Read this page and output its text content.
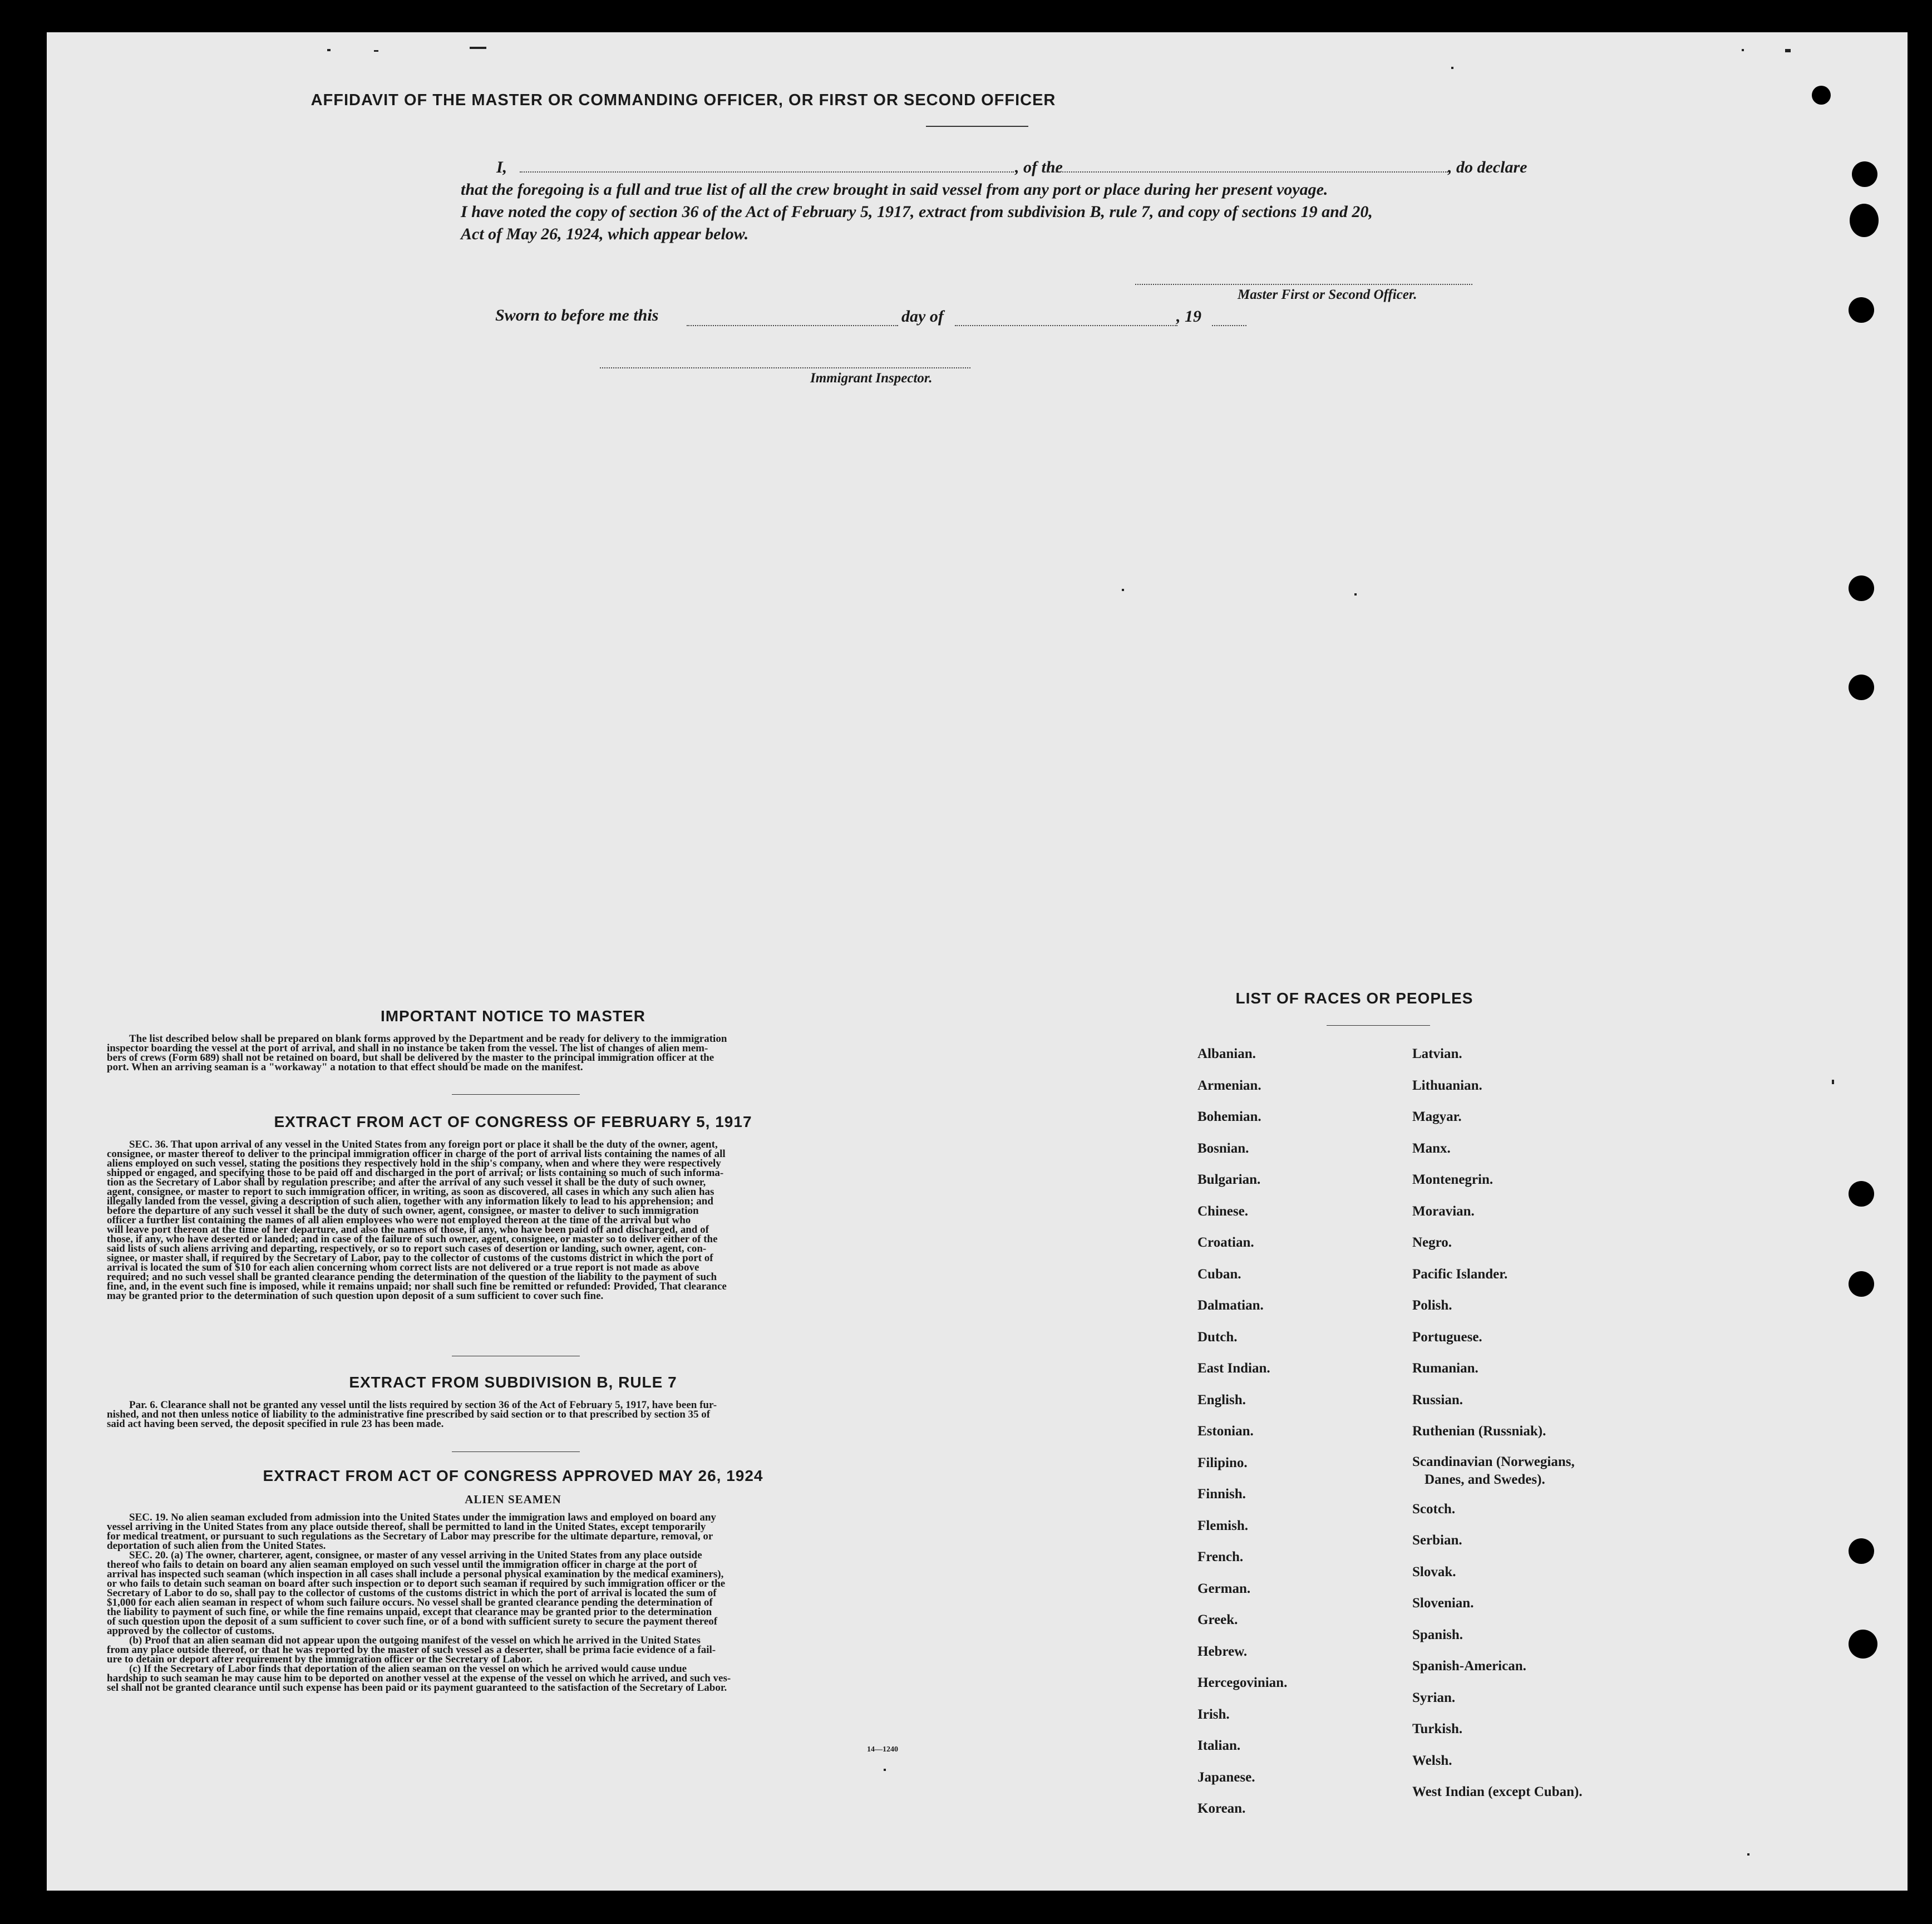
AFFIDAVIT OF THE MASTER OR COMMANDING OFFICER, OR FIRST OR SECOND OFFICER
I,	, of the	, do declare
that the foregoing is a full and true list of all the crew brought in said vessel from any port or place during her present voyage.
I have noted the copy of section 36 of the Act of February 5, 1917, extract from subdivision B, rule 7, and copy of sections 19 and 20,
Act of May 26, 1924, which appear below.
Master First or Second Officer.
Sworn to before me this	day of	, 19
Immigrant Inspector.
IMPORTANT NOTICE TO MASTER
The list described below shall be prepared on blank forms approved by the Department and be ready for delivery to the immigration
inspector boarding the vessel at the port of arrival, and shall in no instance be taken from the vessel. The list of changes of alien mem-
bers of crews (Form 689) shall not be retained on board, but shall be delivered by the master to the principal immigration officer at the
port. When an arriving seaman is a "workaway" a notation to that effect should be made on the manifest.
EXTRACT FROM ACT OF CONGRESS OF FEBRUARY 5, 1917
SEC. 36. That upon arrival of any vessel in the United States from any foreign port or place it shall be the duty of the owner, agent,
consignee, or master thereof to deliver to the principal immigration officer in charge of the port of arrival lists containing the names of all
aliens employed on such vessel, stating the positions they respectively hold in the ship's company, when and where they were respectively
shipped or engaged, and specifying those to be paid off and discharged in the port of arrival; or lists containing so much of such informa-
tion as the Secretary of Labor shall by regulation prescribe; and after the arrival of any such vessel it shall be the duty of such owner,
agent, consignee, or master to report to such immigration officer, in writing, as soon as discovered, all cases in which any such alien has
illegally landed from the vessel, giving a description of such alien, together with any information likely to lead to his apprehension; and
before the departure of any such vessel it shall be the duty of such owner, agent, consignee, or master to deliver to such immigration
officer a further list containing the names of all alien employees who were not employed thereon at the time of the arrival but who
will leave port thereon at the time of her departure, and also the names of those, if any, who have been paid off and discharged, and of
those, if any, who have deserted or landed; and in case of the failure of such owner, agent, consignee, or master so to deliver either of the
said lists of such aliens arriving and departing, respectively, or so to report such cases of desertion or landing, such owner, agent, con-
signee, or master shall, if required by the Secretary of Labor, pay to the collector of customs of the customs district in which the port of
arrival is located the sum of $10 for each alien concerning whom correct lists are not delivered or a true report is not made as above
required; and no such vessel shall be granted clearance pending the determination of the question of the liability to the payment of such
fine, and, in the event such fine is imposed, while it remains unpaid; nor shall such fine be remitted or refunded: Provided, That clearance
may be granted prior to the determination of such question upon deposit of a sum sufficient to cover such fine.
EXTRACT FROM SUBDIVISION B, RULE 7
Par. 6. Clearance shall not be granted any vessel until the lists required by section 36 of the Act of February 5, 1917, have been fur-
nished, and not then unless notice of liability to the administrative fine prescribed by said section or to that prescribed by section 35 of
said act having been served, the deposit specified in rule 23 has been made.
EXTRACT FROM ACT OF CONGRESS APPROVED MAY 26, 1924
ALIEN SEAMEN
SEC. 19. No alien seaman excluded from admission into the United States under the immigration laws and employed on board any
vessel arriving in the United States from any place outside thereof, shall be permitted to land in the United States, except temporarily
for medical treatment, or pursuant to such regulations as the Secretary of Labor may prescribe for the ultimate departure, removal, or
deportation of such alien from the United States.
SEC. 20. (a) The owner, charterer, agent, consignee, or master of any vessel arriving in the United States from any place outside
thereof who fails to detain on board any alien seaman employed on such vessel until the immigration officer in charge at the port of
arrival has inspected such seaman (which inspection in all cases shall include a personal physical examination by the medical examiners),
or who fails to detain such seaman on board after such inspection or to deport such seaman if required by such immigration officer or the
Secretary of Labor to do so, shall pay to the collector of customs of the customs district in which the port of arrival is located the sum of
$1,000 for each alien seaman in respect of whom such failure occurs. No vessel shall be granted clearance pending the determination of
the liability to payment of such fine, or while the fine remains unpaid, except that clearance may be granted prior to the determination
of such question upon the deposit of a sum sufficient to cover such fine, or of a bond with sufficient surety to secure the payment thereof
approved by the collector of customs.
(b) Proof that an alien seaman did not appear upon the outgoing manifest of the vessel on which he arrived in the United States
from any place outside thereof, or that he was reported by the master of such vessel as a deserter, shall be prima facie evidence of a fail-
ure to detain or deport after requirement by the immigration officer or the Secretary of Labor.
(c) If the Secretary of Labor finds that deportation of the alien seaman on the vessel on which he arrived would cause undue
hardship to such seaman he may cause him to be deported on another vessel at the expense of the vessel on which he arrived, and such ves-
sel shall not be granted clearance until such expense has been paid or its payment guaranteed to the satisfaction of the Secretary of Labor.
14—1240
LIST OF RACES OR PEOPLES
Albanian.
Armenian.
Bohemian.
Bosnian.
Bulgarian.
Chinese.
Croatian.
Cuban.
Dalmatian.
Dutch.
East Indian.
English.
Estonian.
Filipino.
Finnish.
Flemish.
French.
German.
Greek.
Hebrew.
Hercegovinian.
Irish.
Italian.
Japanese.
Korean.
Latvian.
Lithuanian.
Magyar.
Manx.
Montenegrin.
Moravian.
Negro.
Pacific Islander.
Polish.
Portuguese.
Rumanian.
Russian.
Ruthenian (Russniak).
Scandinavian (Norwegians,
Danes, and Swedes).
Scotch.
Serbian.
Slovak.
Slovenian.
Spanish.
Spanish-American.
Syrian.
Turkish.
Welsh.
West Indian (except Cuban).
